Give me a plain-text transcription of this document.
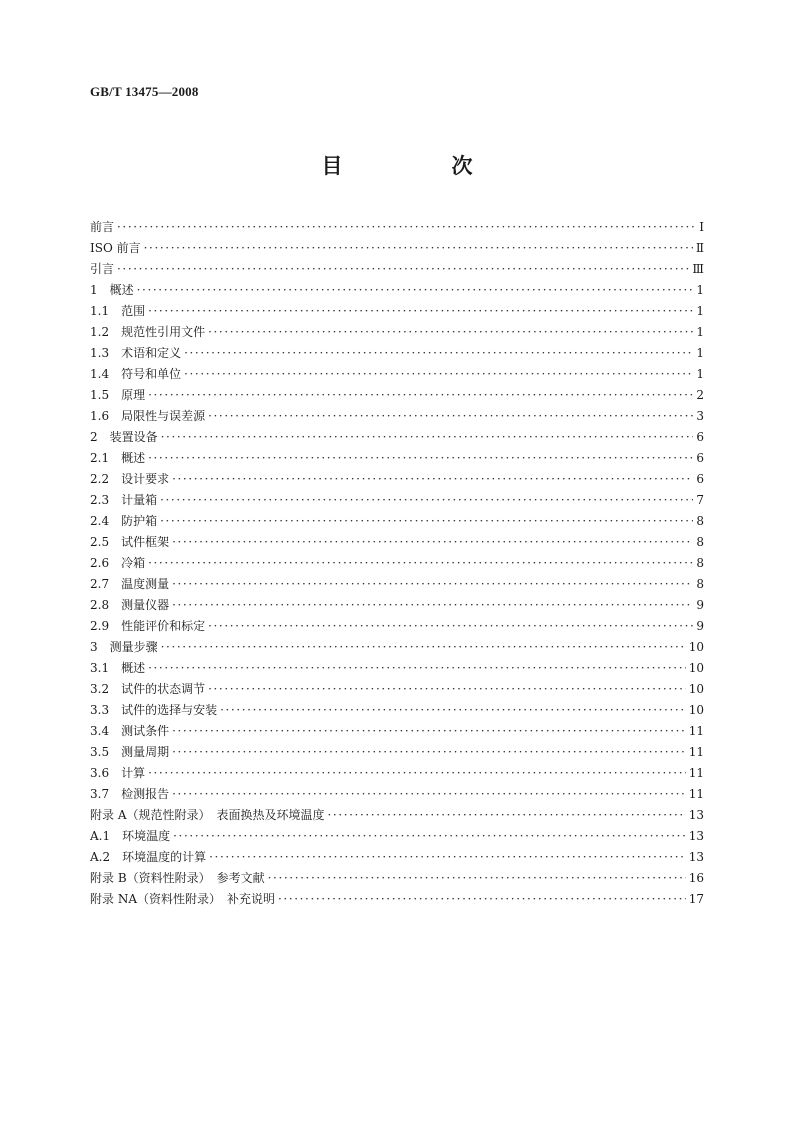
GB/T 13475—2008
目　次
前言 ·····	Ⅰ
ISO 前言 ·····	Ⅱ
引言 ·····	Ⅲ
1　概述 ·····	1
1.1　范围 ·····	1
1.2　规范性引用文件 ·····	1
1.3　术语和定义 ·····	1
1.4　符号和单位 ·····	1
1.5　原理 ·····	2
1.6　局限性与误差源 ·····	3
2　装置设备 ·····	6
2.1　概述 ·····	6
2.2　设计要求 ·····	6
2.3　计量箱 ·····	7
2.4　防护箱 ·····	8
2.5　试件框架 ·····	8
2.6　冷箱 ·····	8
2.7　温度测量 ·····	8
2.8　测量仪器 ·····	9
2.9　性能评价和标定 ·····	9
3　测量步骤 ·····	10
3.1　概述 ·····	10
3.2　试件的状态调节 ·····	10
3.3　试件的选择与安装 ·····	10
3.4　测试条件 ·····	11
3.5　测量周期 ·····	11
3.6　计算 ·····	11
3.7　检测报告 ·····	11
附录 A（规范性附录）　表面换热及环境温度 ·····	13
A.1　环境温度 ·····	13
A.2　环境温度的计算 ·····	13
附录 B（资料性附录）　参考文献 ·····	16
附录 NA（资料性附录）　补充说明 ·····	17
